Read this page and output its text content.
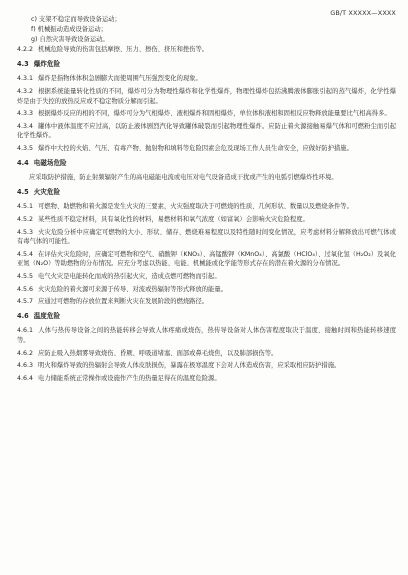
GB/T XXXXX—XXXX
c) 支架不稳定而导致设备运动；
f) 机械振动造成设备运动；
g) 自然灾害导致设备运动。
4.2.2 机械危险导致的伤害包括摩擦、压力、擦伤、挤压和挫伤等。
4.3 爆炸危险
4.3.1 爆炸是指物体体积急剧膨大而使周围气压强烈变化的现象。
4.3.2 根据系统能量转化性质的不同，爆炸可分为物理性爆炸和化学性爆炸，物理性爆炸包括沸腾液体膨胀引起的蒸气爆炸，化学性爆炸是由于失控的放热反应或不稳定物质分解而引起。
4.3.3 根据爆炸反应的相的不同，爆炸可分为气相爆炸、液相爆炸和固相爆炸，单位体积液相和固相反应物释放能量要比气相高得多。
4.3.4 罐体中液体温度不应过高，以防止液体剧烈汽化导致罐体破裂而引起物理性爆炸。应防止着火源接触易爆气体和可燃粉尘而引起化学性爆炸。
4.3.5 爆炸中大控的火焰、气压、有毒产物、抛射物和填料等危险因素会危及现场工作人员生命安全，应做好防护措施。
4.4 电磁场危险
应采取防护措施，防止射频辐射产生的高电磁能电流或电压对电气设备造成干扰或产生的电弧引燃爆炸性环境。
4.5 火灾危险
4.5.1 可燃物、助燃物和着火源是发生火灾的三要素，火灾强度取决于可燃烧的性质、几何形状、数量以及燃烧条件等。
4.5.2 某些性质不稳定材料，具有氧化性的材料，易燃材料和氧气浓度（如富氧）会影响火灾危险程度。
4.5.3 火灾危险分析中应确定可燃物的大小、形状、储存、燃烧难易程度以及特性随时间变化情况，应考虑材料分解释放出可燃气体或有毒气体的可能性。
4.5.4 在评估火灾危险时，应确定可燃物和空气、硝酸钾（KNO₃）、高锰酸钾（KMnO₄）、高氯酸（HClO₄）、过氧化氢（H₂O₂）及氧化亚氮（N₂O）等助燃物的分布情况。应充分考虑以热能、电能、机械能或化学能等形式存在的潜在着火源的分布情况。
4.5.5 电气火灾是电能转化而成的热引起火灾，造成点燃可燃物而引起。
4.5.6 火灾危险的着火源可来源于传导、对流或热辐射等形式释放的能量。
4.5.7 应通过可燃物的存放位置来判断火灾在发展阶段的燃烧路径。
4.6 温度危险
4.6.1 人体与热传导设备之间的热能转移会导致人体疼痛或烧伤，热传导设备对人体伤害程度取决于温度、接触时间和热能转移速度等。
4.6.2 应防止吸入热烟雾导致烧伤、昏厥、呼吸道堵塞、面部或鼻毛烧焦，以及肺部损伤等。
4.6.3 明火和爆炸导致的热辐射会导致人体皮肤损伤，暴露在极寒温度下会对人体造成伤害，应采取相应防护措施。
4.6.4 电力储能系统正常操作或设施作产生的热量足得在的温度危险源。
